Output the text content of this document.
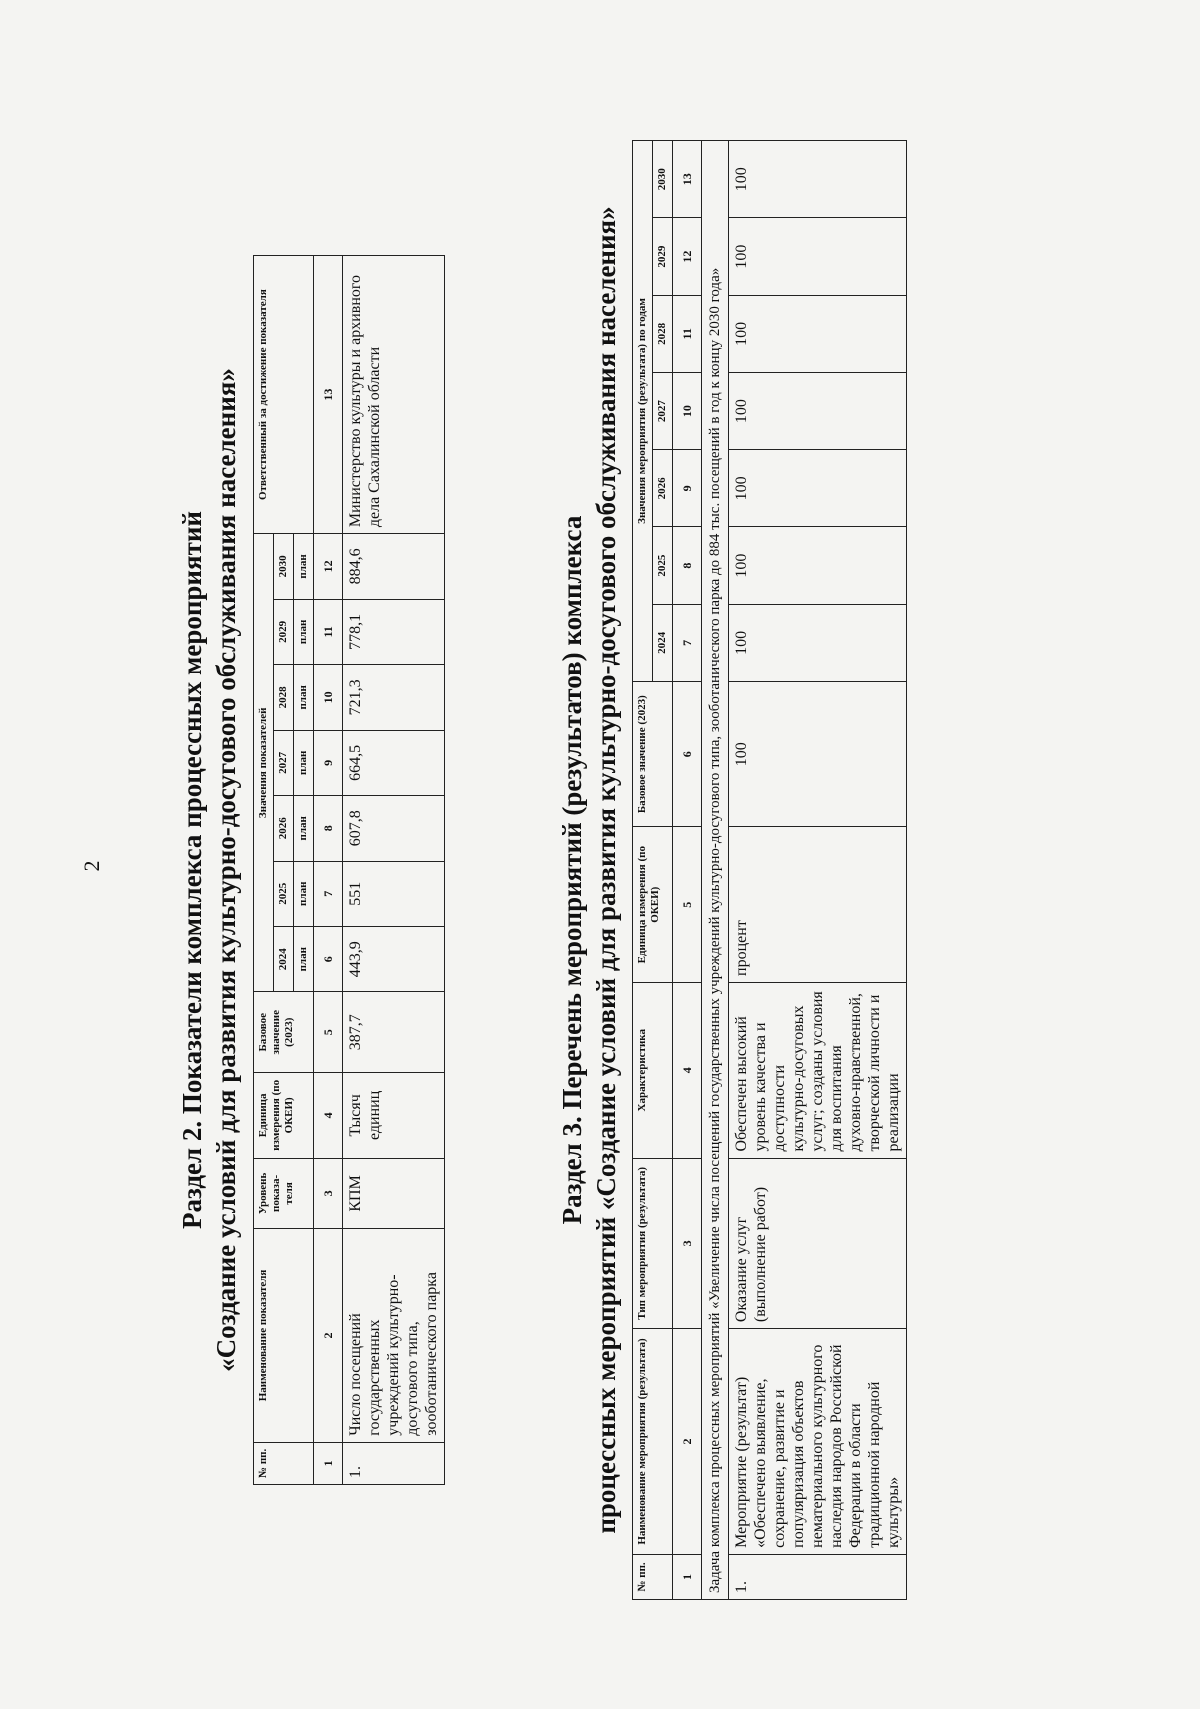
2	Раздел 2. Показатели комплекса процессных мероприятий «Создание условий для развития культурно-досугового обслуживания населения»

№ пп.	Наименование показателя	Уровень показа-теля	Единица измерения (по ОКЕИ)	Базовое значение (2023)	Значения показателей							Ответственный за достижение показателя
					2024	2025	2026	2027	2028	2029	2030	
					план	план	план	план	план	план	план	
1	2	3	4	5	6	7	8	9	10	11	12	13
1.	Число посещений государственных учреждений культурно-досугового типа, зооботанического парка	КПМ	Тысяч единиц	387,7	443,9	551	607,8	664,5	721,3	778,1	884,6	Министерство культуры и архивного дела Сахалинской области

Раздел 3. Перечень мероприятий (результатов) комплекса процессных мероприятий «Создание условий для развития культурно-досугового обслуживания населения»

№ пп.	Наименование мероприятия (результата)	Тип мероприятия (результата)	Характеристика	Единица измерения (по ОКЕИ)	Базовое значение (2023)	Значения мероприятия (результата) по годам						
						2024	2025	2026	2027	2028	2029	2030
1	2	3	4	5	6	7	8	9	10	11	12	13
Задача комплекса процессных мероприятий «Увеличение числа посещений государственных учреждений культурно-досугового типа, зооботанического парка до 884 тыс. посещений в год к концу 2030 года»												
1.	Мероприятие (результат) «Обеспечено выявление, сохранение, развитие и популяризация объектов нематериального культурного наследия народов Российской Федерации в области традиционной народной культуры»	Оказание услуг (выполнение работ)	Обеспечен высокий уровень качества и доступности культурно-досуговых услуг; созданы условия для воспитания духовно-нравственной, творческой личности и реализации	процент	100	100	100	100	100	100	100	100
